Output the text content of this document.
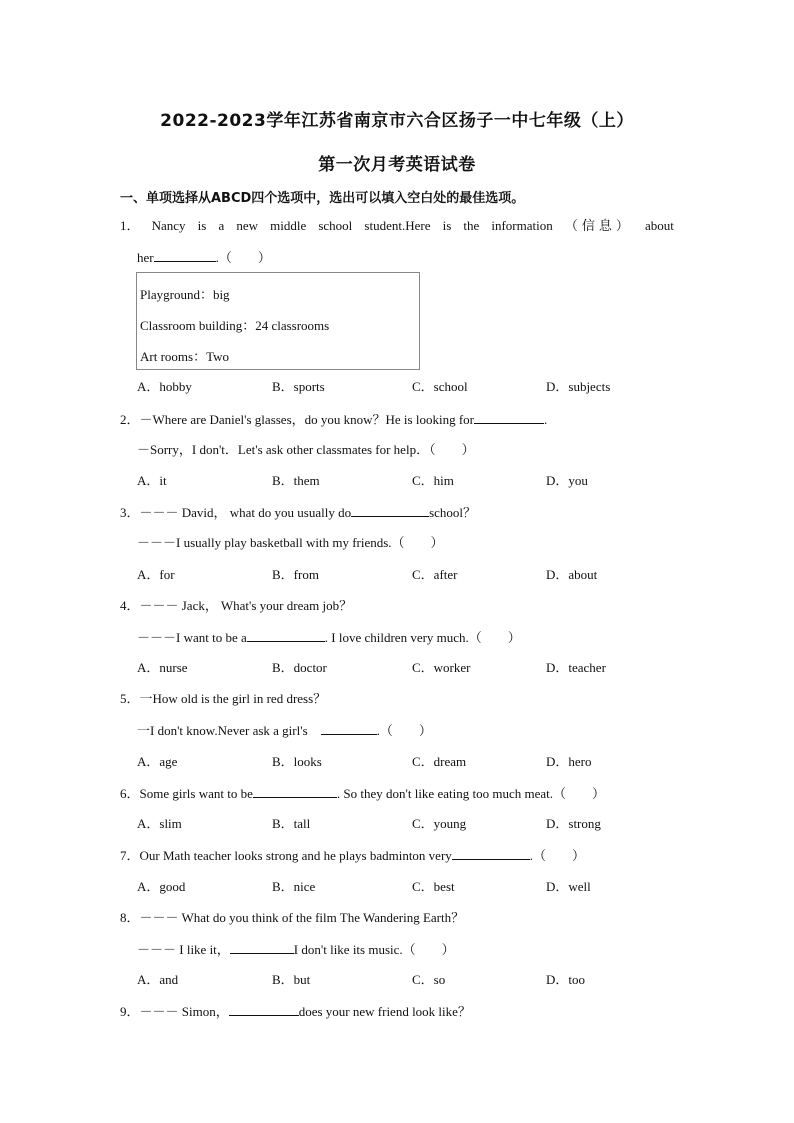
2022-2023学年江苏省南京市六合区扬子一中七年级（上）
第一次月考英语试卷
一、单项选择从ABCD四个选项中，选出可以填入空白处的最佳选项。
1． Nancy is a new middle school student.Here is the information （信息） about
her	.（　　）
Playground：big
Classroom building：24 classrooms
Art rooms：Two
A．hobby	B．sports	C．school	D．subjects
2．－Where are Daniel's glasses，do you know？He is looking for	.
－Sorry，I don't．Let's ask other classmates for help．（　　）
A．it	B．them	C．him	D．you
3．－－－ David， what do you usually do	school？
－－－I usually play basketball with my friends.（　　）
A．for	B．from	C．after	D．about
4．－－－ Jack， What's your dream job？
－－－I want to be a	. I love children very much.（　　）
A．nurse	B．doctor	C．worker	D．teacher
5．一How old is the girl in red dress？
一I don't know.Never ask a girl's　	.（　　）
A．age	B．looks	C．dream	D．hero
6．Some girls want to be	. So they don't like eating too much meat.（　　）
A．slim	B．tall	C．young	D．strong
7．Our Math teacher looks strong and he plays badminton very	.（　　）
A．good	B．nice	C．best	D．well
8．－－－ What do you think of the film The Wandering Earth？
－－－ I like it，	I don't like its music.（　　）
A．and	B．but	C．so	D．too
9．－－－ Simon，	does your new friend look like？
